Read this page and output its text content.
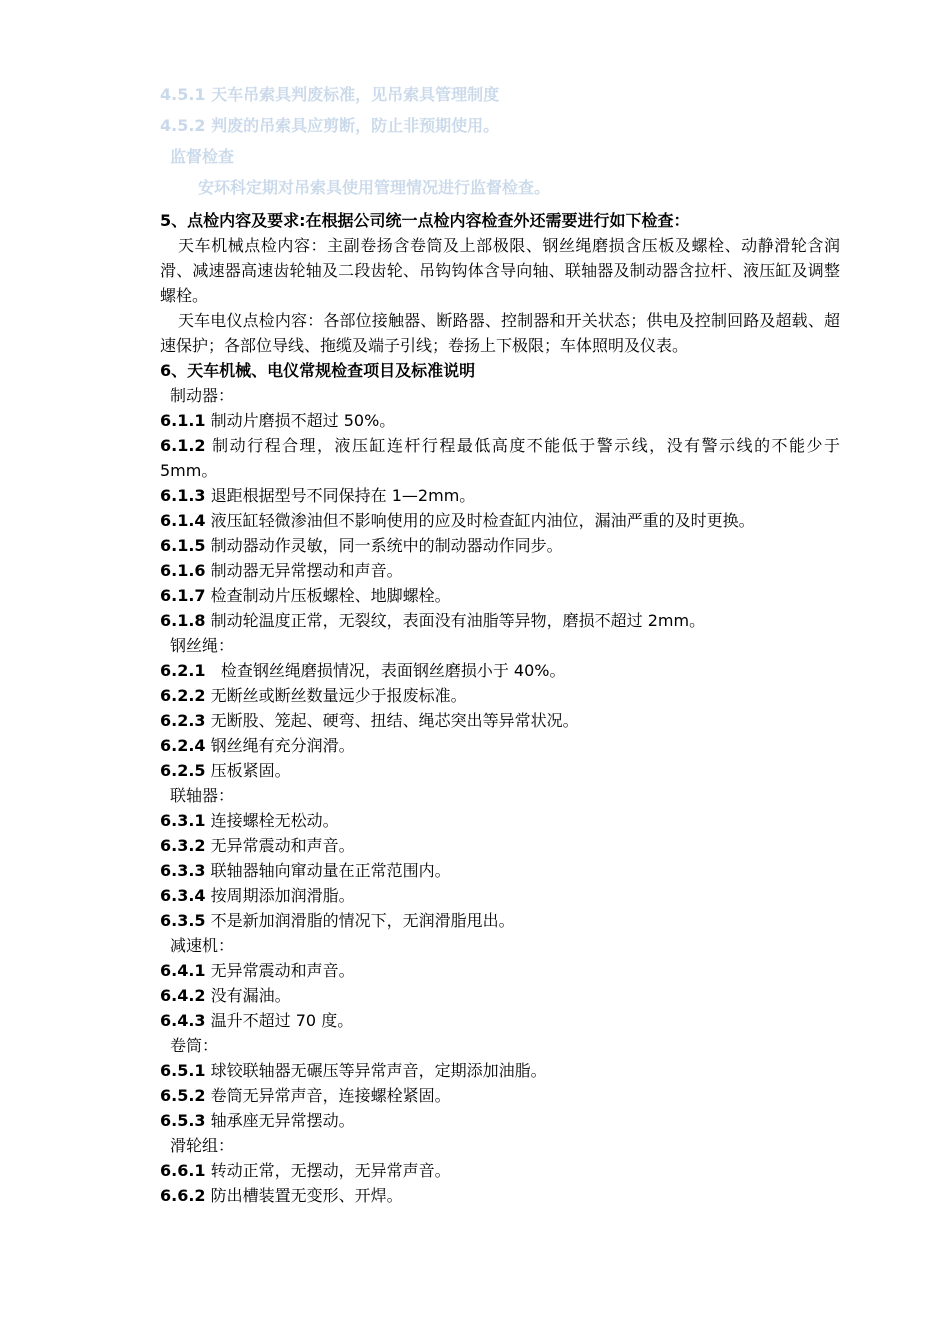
4.5.1 天车吊索具判废标准，见吊索具管理制度
4.5.2 判废的吊索具应剪断，防止非预期使用。
监督检查
安环科定期对吊索具使用管理情况进行监督检查。
5、点检内容及要求:在根据公司统一点检内容检查外还需要进行如下检查：
天车机械点检内容：主副卷扬含卷筒及上部极限、钢丝绳磨损含压板及螺栓、动静滑轮含润滑、减速器高速齿轮轴及二段齿轮、吊钩钩体含导向轴、联轴器及制动器含拉杆、液压缸及调整螺栓。
天车电仪点检内容：各部位接触器、断路器、控制器和开关状态；供电及控制回路及超载、超速保护；各部位导线、拖缆及端子引线；卷扬上下极限；车体照明及仪表。
6、天车机械、电仪常规检查项目及标准说明
制动器：
6.1.1 制动片磨损不超过 50%。
6.1.2 制动行程合理，液压缸连杆行程最低高度不能低于警示线，没有警示线的不能少于 5mm。
6.1.3 退距根据型号不同保持在 1—2mm。
6.1.4 液压缸轻微渗油但不影响使用的应及时检查缸内油位，漏油严重的及时更换。
6.1.5 制动器动作灵敏，同一系统中的制动器动作同步。
6.1.6 制动器无异常摆动和声音。
6.1.7 检查制动片压板螺栓、地脚螺栓。
6.1.8 制动轮温度正常，无裂纹，表面没有油脂等异物，磨损不超过 2mm。
钢丝绳：
6.2.1   检查钢丝绳磨损情况，表面钢丝磨损小于 40%。
6.2.2 无断丝或断丝数量远少于报废标准。
6.2.3 无断股、笼起、硬弯、扭结、绳芯突出等异常状况。
6.2.4 钢丝绳有充分润滑。
6.2.5 压板紧固。
联轴器：
6.3.1 连接螺栓无松动。
6.3.2 无异常震动和声音。
6.3.3 联轴器轴向窜动量在正常范围内。
6.3.4 按周期添加润滑脂。
6.3.5 不是新加润滑脂的情况下，无润滑脂甩出。
减速机：
6.4.1 无异常震动和声音。
6.4.2 没有漏油。
6.4.3 温升不超过 70 度。
卷筒：
6.5.1 球铰联轴器无碾压等异常声音，定期添加油脂。
6.5.2 卷筒无异常声音，连接螺栓紧固。
6.5.3 轴承座无异常摆动。
滑轮组：
6.6.1 转动正常，无摆动，无异常声音。
6.6.2 防出槽装置无变形、开焊。
